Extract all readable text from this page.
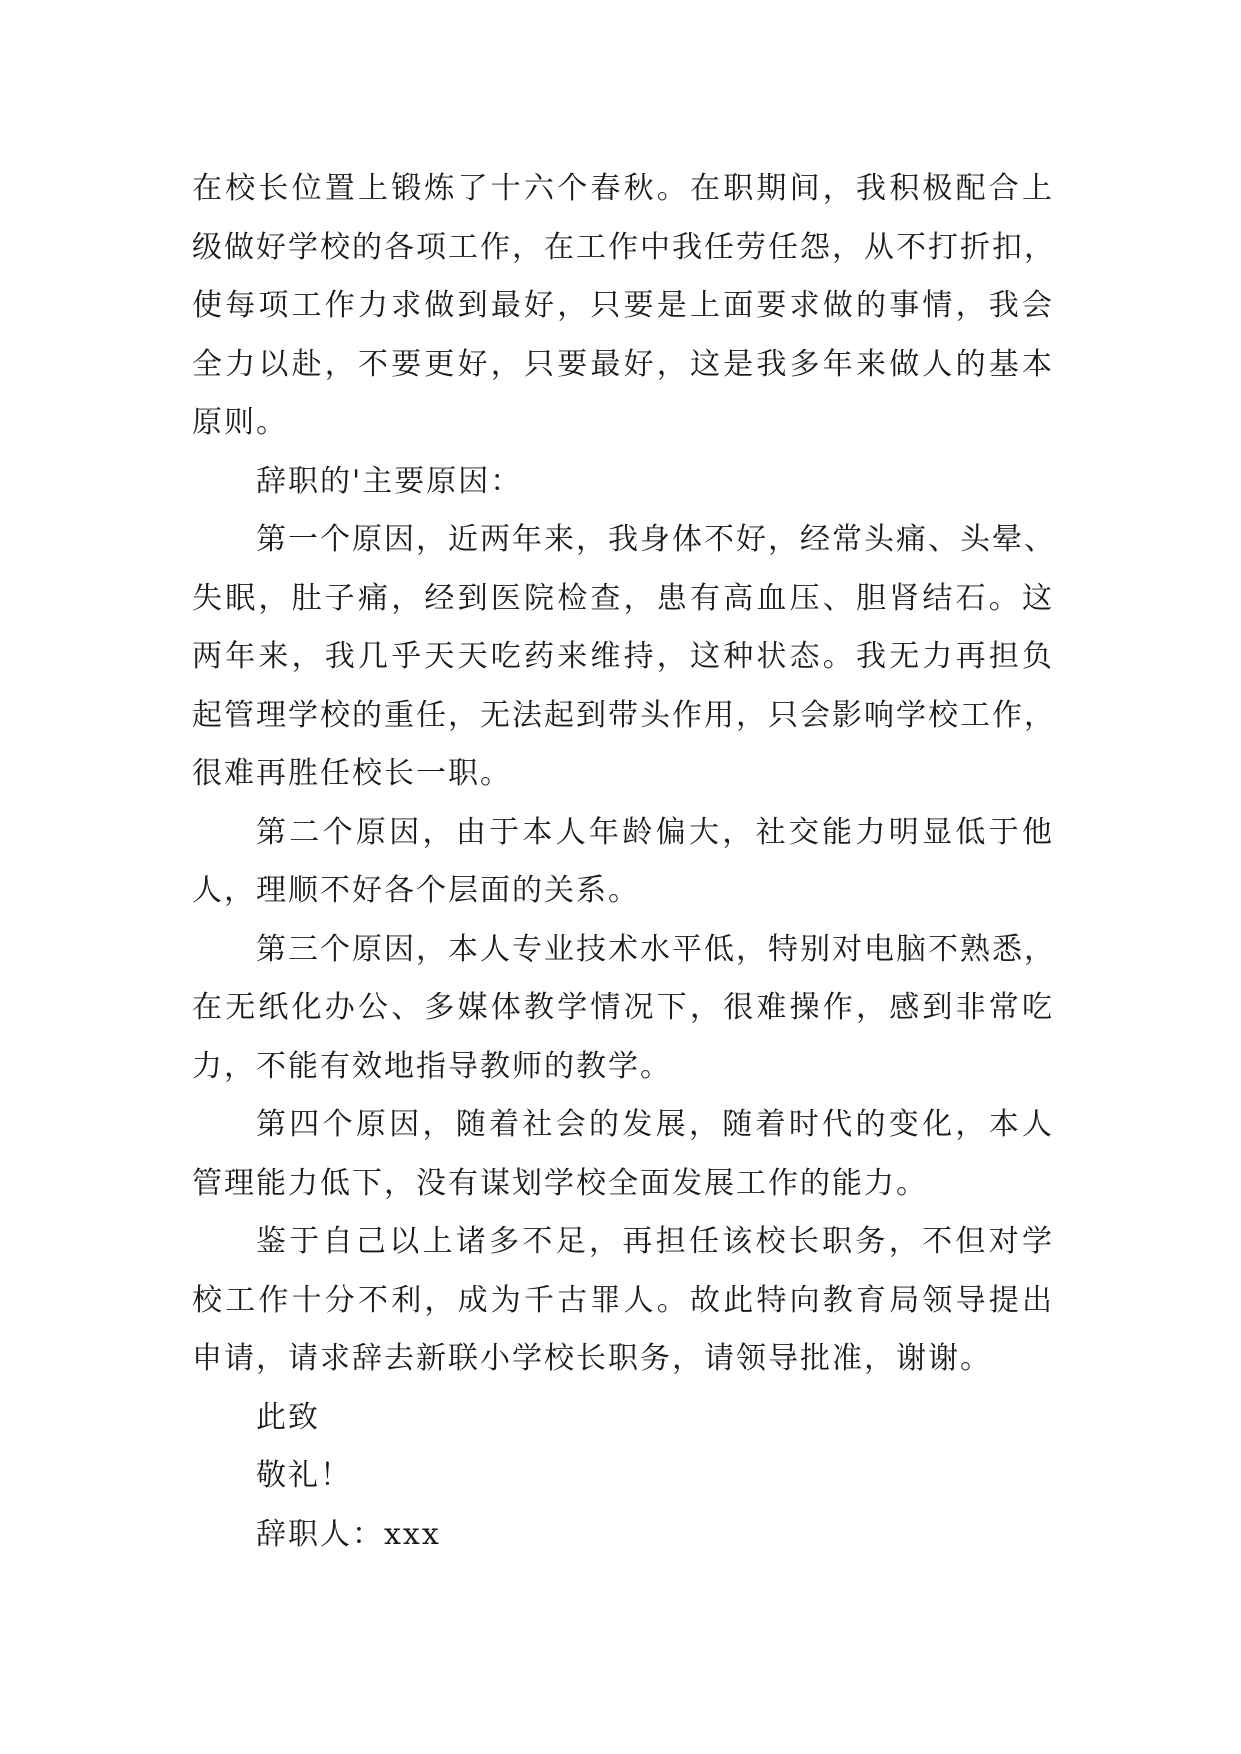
在校长位置上锻炼了十六个春秋。在职期间，我积极配合上
级做好学校的各项工作，在工作中我任劳任怨，从不打折扣，
使每项工作力求做到最好，只要是上面要求做的事情，我会
全力以赴，不要更好，只要最好，这是我多年来做人的基本
原则。
辞职的'主要原因：
第一个原因，近两年来，我身体不好，经常头痛、头晕、
失眠，肚子痛，经到医院检查，患有高血压、胆肾结石。这
两年来，我几乎天天吃药来维持，这种状态。我无力再担负
起管理学校的重任，无法起到带头作用，只会影响学校工作，
很难再胜任校长一职。
第二个原因，由于本人年龄偏大，社交能力明显低于他
人，理顺不好各个层面的关系。
第三个原因，本人专业技术水平低，特别对电脑不熟悉，
在无纸化办公、多媒体教学情况下，很难操作，感到非常吃
力，不能有效地指导教师的教学。
第四个原因，随着社会的发展，随着时代的变化，本人
管理能力低下，没有谋划学校全面发展工作的能力。
鉴于自己以上诸多不足，再担任该校长职务，不但对学
校工作十分不利，成为千古罪人。故此特向教育局领导提出
申请，请求辞去新联小学校长职务，请领导批准，谢谢。
此致
敬礼！
辞职人：xxx
